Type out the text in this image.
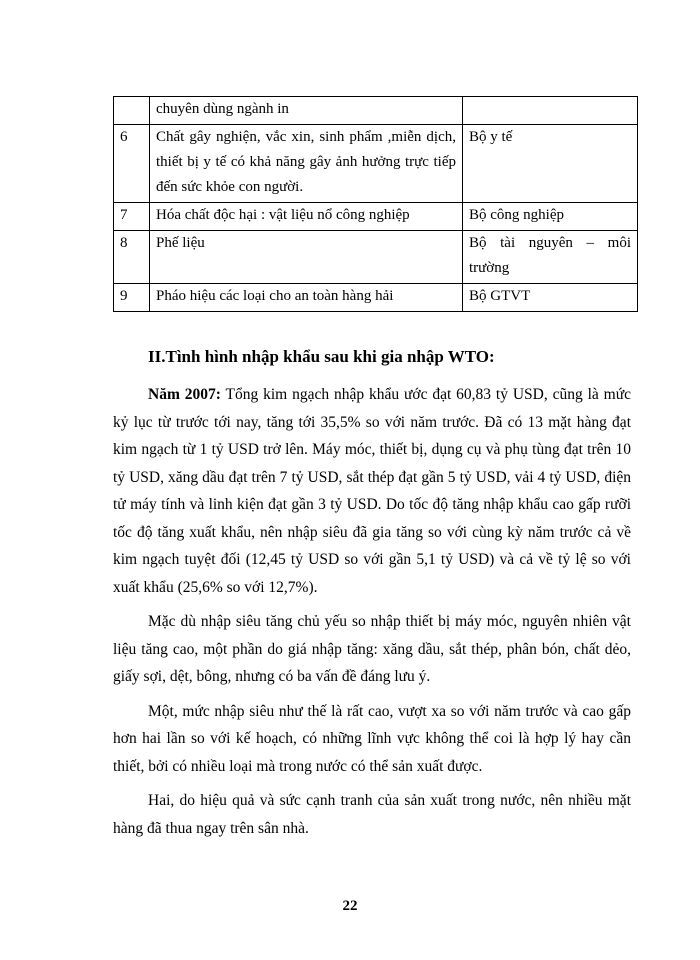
	chuyên dùng ngành in	
6	Chất gây nghiện, vắc xin, sinh phẩm ,miễn dịch, thiết bị y tế có khả năng gây ảnh hưởng trực tiếp đến sức khỏe con người.	Bộ y tế
7	Hóa chất độc hại : vật liệu nổ công nghiệp	Bộ công nghiệp
8	Phế liệu	Bộ tài nguyên – môi trường
9	Pháo hiệu các loại cho an toàn hàng hải	Bộ GTVT
II.Tình hình nhập khẩu sau khi gia nhập WTO:

Năm 2007: Tổng kim ngạch nhập khẩu ước đạt 60,83 tỷ USD, cũng là mức kỷ lục từ trước tới nay, tăng tới 35,5% so với năm trước. Đã có 13 mặt hàng đạt kim ngạch từ 1 tỷ USD trở lên. Máy móc, thiết bị, dụng cụ và phụ tùng đạt trên 10 tỷ USD, xăng dầu đạt trên 7 tỷ USD, sắt thép đạt gần 5 tỷ USD, vải 4 tỷ USD, điện tử máy tính và linh kiện đạt gần 3 tỷ USD. Do tốc độ tăng nhập khẩu cao gấp rưỡi tốc độ tăng xuất khẩu, nên nhập siêu đã gia tăng so với cùng kỳ năm trước cả về kim ngạch tuyệt đối (12,45 tỷ USD so với gần 5,1 tỷ USD) và cả về tỷ lệ so với xuất khẩu (25,6% so với 12,7%).

Mặc dù nhập siêu tăng chủ yếu so nhập thiết bị máy móc, nguyên nhiên vật liệu tăng cao, một phần do giá nhập tăng: xăng dầu, sắt thép, phân bón, chất dẻo, giấy sợi, dệt, bông, nhưng có ba vấn đề đáng lưu ý.

Một, mức nhập siêu như thế là rất cao, vượt xa so với năm trước và cao gấp hơn hai lần so với kế hoạch, có những lĩnh vực không thể coi là hợp lý hay cần thiết, bởi có nhiều loại mà trong nước có thể sản xuất được.

Hai, do hiệu quả và sức cạnh tranh của sản xuất trong nước, nên nhiều mặt hàng đã thua ngay trên sân nhà.

22
